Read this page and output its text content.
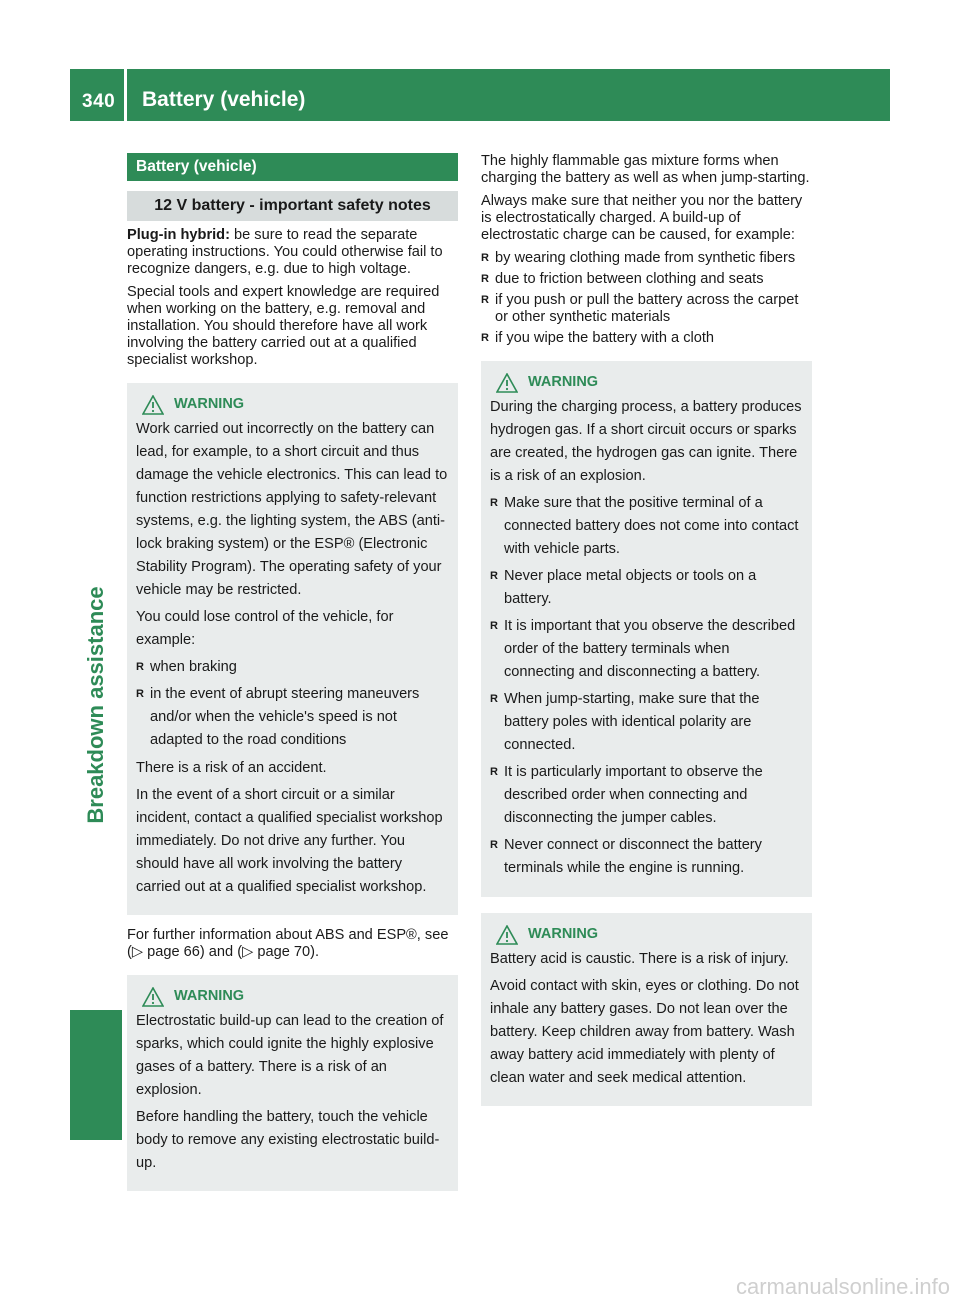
340 Battery (vehicle)
Breakdown assistance
Battery (vehicle)
12 V battery - important safety notes

Plug-in hybrid: be sure to read the separate operating instructions. You could otherwise fail to recognize dangers, e.g. due to high voltage.

Special tools and expert knowledge are required when working on the battery, e.g. removal and installation. You should therefore have all work involving the battery carried out at a qualified specialist workshop.

WARNING

Work carried out incorrectly on the battery can lead, for example, to a short circuit and thus damage the vehicle electronics. This can lead to function restrictions applying to safety-relevant systems, e.g. the lighting system, the ABS (anti-lock braking system) or the ESP® (Electronic Stability Program). The operating safety of your vehicle may be restricted.

You could lose control of the vehicle, for example:

R when braking
R in the event of abrupt steering maneuvers and/or when the vehicle's speed is not adapted to the road conditions

There is a risk of an accident.

In the event of a short circuit or a similar incident, contact a qualified specialist workshop immediately. Do not drive any further. You should have all work involving the battery carried out at a qualified specialist workshop.

For further information about ABS and ESP®, see (▷ page 66) and (▷ page 70).

WARNING

Electrostatic build-up can lead to the creation of sparks, which could ignite the highly explosive gases of a battery. There is a risk of an explosion.

Before handling the battery, touch the vehicle body to remove any existing electrostatic build-up.

The highly flammable gas mixture forms when charging the battery as well as when jump-starting.

Always make sure that neither you nor the battery is electrostatically charged. A build-up of electrostatic charge can be caused, for example:

R by wearing clothing made from synthetic fibers
R due to friction between clothing and seats
R if you push or pull the battery across the carpet or other synthetic materials
R if you wipe the battery with a cloth
WARNING

During the charging process, a battery produces hydrogen gas. If a short circuit occurs or sparks are created, the hydrogen gas can ignite. There is a risk of an explosion.

R Make sure that the positive terminal of a connected battery does not come into contact with vehicle parts.
R Never place metal objects or tools on a battery.
R It is important that you observe the described order of the battery terminals when connecting and disconnecting a battery.
R When jump-starting, make sure that the battery poles with identical polarity are connected.
R It is particularly important to observe the described order when connecting and disconnecting the jumper cables.
R Never connect or disconnect the battery terminals while the engine is running.
WARNING

Battery acid is caustic. There is a risk of injury.

Avoid contact with skin, eyes or clothing. Do not inhale any battery gases. Do not lean over the battery. Keep children away from battery. Wash away battery acid immediately with plenty of clean water and seek medical attention.

carmanualsonline.info
